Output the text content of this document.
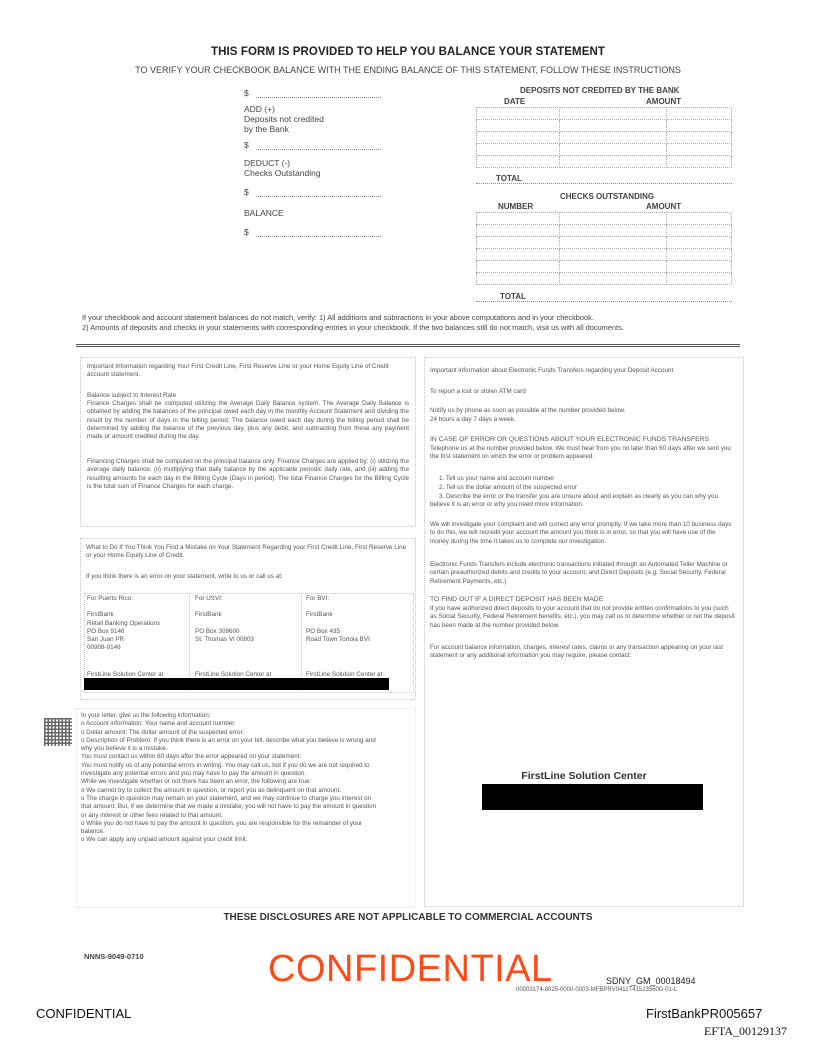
THIS FORM IS PROVIDED TO HELP YOU BALANCE YOUR STATEMENT
TO VERIFY YOUR CHECKBOOK BALANCE WITH THE ENDING BALANCE OF THIS STATEMENT, FOLLOW THESE INSTRUCTIONS
$
ADD (+)
Deposits not credited
by the Bank
$
DEDUCT (-)
Checks Outstanding
$
BALANCE
$
DEPOSITS NOT CREDITED BY THE BANK
DATE	AMOUNT

TOTAL
CHECKS OUTSTANDING
NUMBER	AMOUNT

TOTAL
If your checkbook and account statement balances do not match, verify: 1) All additions and subtractions in your above computations and in your checkbook.
2) Amounts of deposits and checks in your statements with corresponding entries in your checkbook. If the two balances still do not match, visit us with all documents.
Important Information regarding Your First Credit Line, First Reserve Line or your Home Equity Line of Credit account statement.
Balance subject to Interest Rate
Finance Charges shall be computed utilizing the Average Daily Balance system. The Average Daily Balance is obtained by adding the balances of the principal owed each day in the monthly Account Statement and dividing the result by the number of days in the billing period. The balance owed each day during the billing period shall be determined by adding the balance of the previous day, plus any debit, and subtracting from these any payment made or amount credited during the day.
Financing Charges shall be computed on the principal balance only. Finance Charges are applied by: (i) utilizing the average daily balance, (ii) multiplying that daily balance by the applicable periodic daily rate, and (iii) adding the resulting amounts for each day in the Billing Cycle (Days in period). The total Finance Charges for the Billing Cycle is the total sum of Finance Charges for each charge.
What to Do If You Think You Find a Mistake on Your Statement Regarding your First Credit Line, First Reserve Line or your Home Equity Line of Credit.
If you think there is an error on your statement, write to us or call us at:
For Puerto Rico:
FirstBank
Retail Banking Operations
PO Box 9146
San Juan PR
00908-9146
For USVI:
FirstBank
PO Box 309600
St. Thomas VI 00803
For BVI:
FirstBank
PO Box 435
Road Town Tortola BVI
FirstLine Solution Center at	FirstLine Solution Center at	FirstLine Solution Center at
In your letter, give us the following information:
o Account information: Your name and account number.
o Dollar amount: The dollar amount of the suspected error.
o Description of Problem: If you think there is an error on your bill, describe what you believe is wrong and
why you believe it is a mistake.
You must contact us within 60 days after the error appeared on your statement.
You must notify us of any potential errors in writing. You may call us, but if you do we are not required to
investigate any potential errors and you may have to pay the amount in question.
While we investigate whether or not there has been an error, the following are true:
o We cannot try to collect the amount in question, or report you as delinquent on that amount.
o The charge in question may remain on your statement, and we may continue to charge you interest on
that amount. But, if we determine that we made a mistake, you will not have to pay the amount in question
or any interest or other fees related to that amount.
o While you do not have to pay the amount in question, you are responsible for the remainder of your
balance.
o We can apply any unpaid amount against your credit limit.
Important information about Electronic Funds Transfers regarding your Deposit Account
To report a lost or stolen ATM card
Notify us by phone as soon as possible at the number provided below.
24 hours a day 7 days a week.
IN CASE OF ERROR OR QUESTIONS ABOUT YOUR ELECTRONIC FUNDS TRANSFERS
Telephone us at the number provided below. We must hear from you no later than 60 days after we sent you the first statement on which the error or problem appeared.
1. Tell us your name and account number
2. Tell us the dollar amount of the suspected error
3. Describe the error or the transfer you are unsure about and explain as clearly as you can why you believe it is an error or why you need more information.
We will investigate your complaint and will correct any error promptly. If we take more than 10 business days to do this, we will recredit your account the amount you think is in error, so that you will have use of the money during the time it takes us to complete our investigation.
Electronic Funds Transfers include electronic transactions initiated through an Automated Teller Machine or certain preauthorized debits and credits to your account, and Direct Deposits (e.g. Social Security, Federal Retirement Payments, etc.)
TO FIND OUT IF A DIRECT DEPOSIT HAS BEEN MADE
If you have authorized direct deposits to your account that do not provide written confirmations to you (such as Social Security, Federal Retirement benefits, etc.), you may call us to determine whether or not the deposit has been made at the number provided below.
For account balance information, charges, interest rates, claims or any transaction appearing on your last statement or any additional information you may require, please contact:
FirstLine Solution Center
THESE DISCLOSURES ARE NOT APPLICABLE TO COMMERCIAL ACCOUNTS
NNNS-9049-0710	CONFIDENTIAL	SDNY_GM_00018494
00003174-8025-0000-0003-MFBPRV0411T41523560D-01-L
CONFIDENTIAL	FirstBankPR005657
EFTA_00129137
